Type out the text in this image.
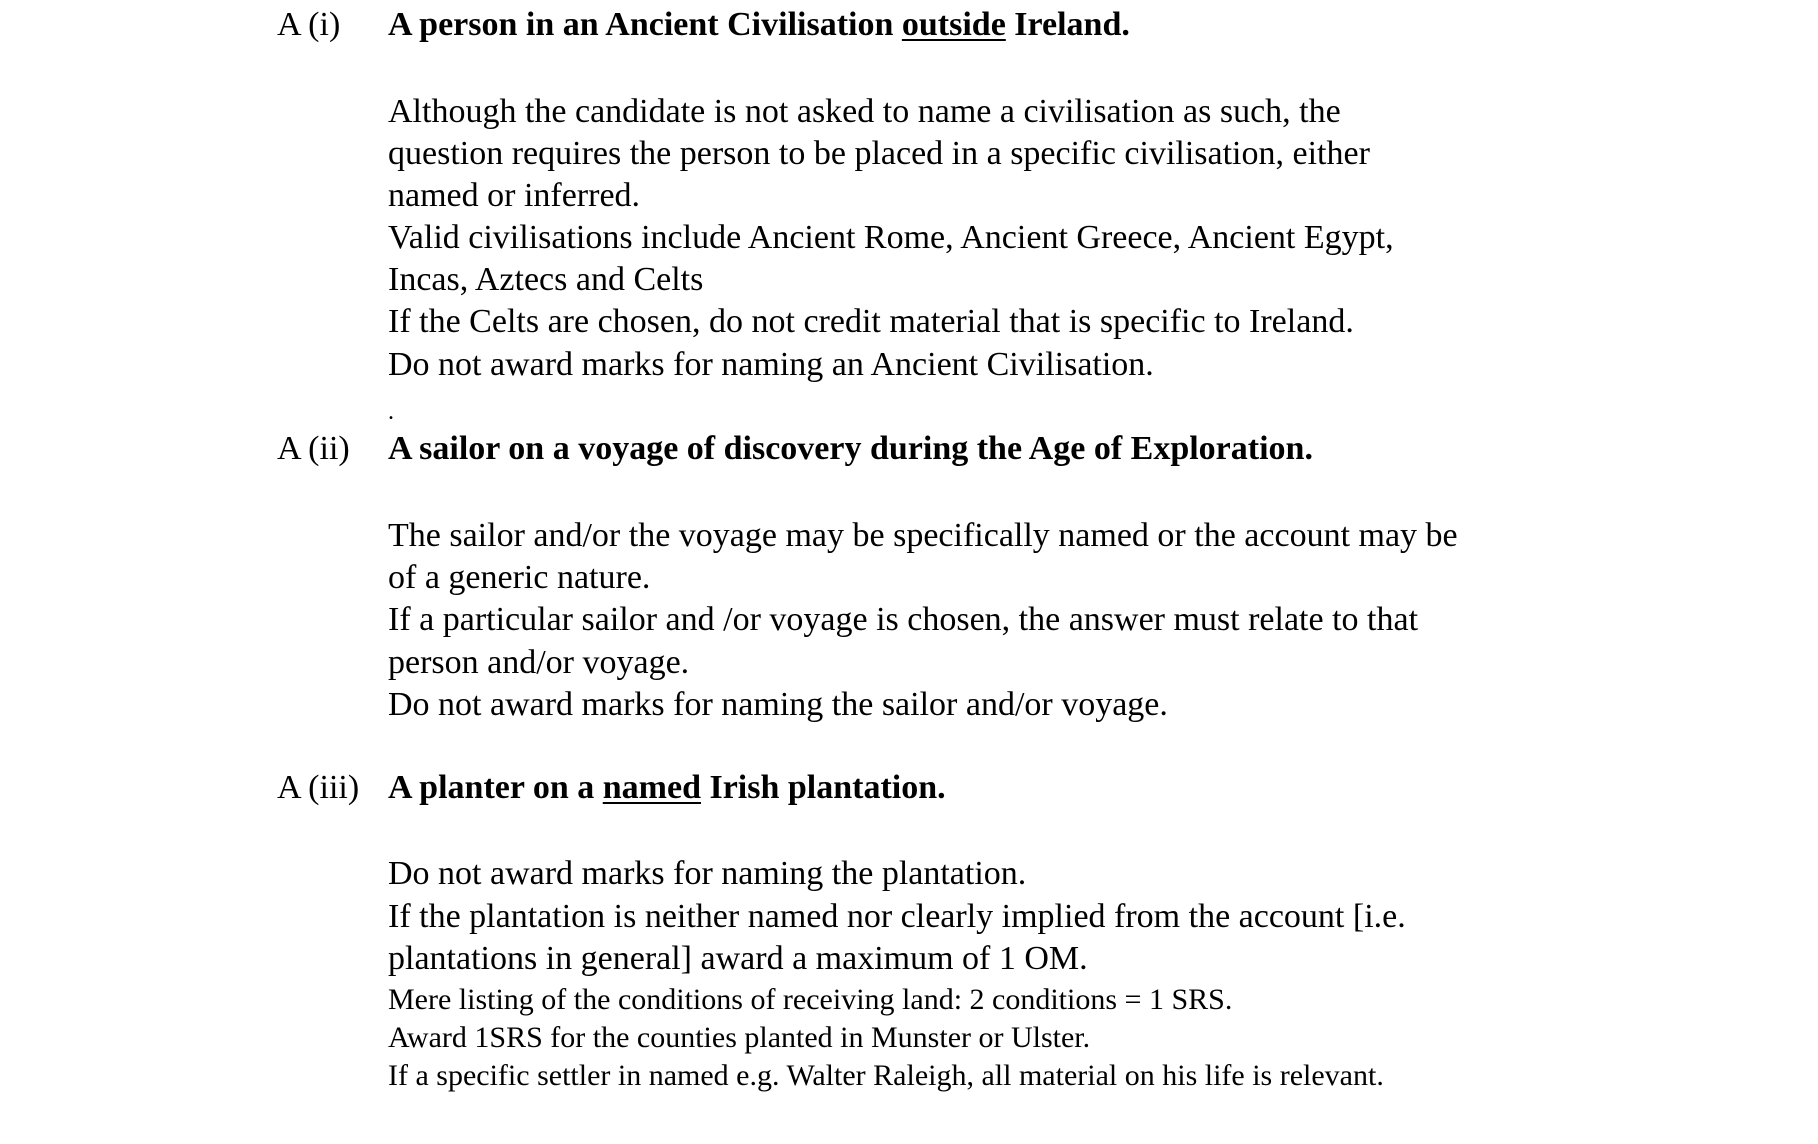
A (i) A person in an Ancient Civilisation outside Ireland.
Although the candidate is not asked to name a civilisation as such, the
question requires the person to be placed in a specific civilisation, either
named or inferred.
Valid civilisations include Ancient Rome, Ancient Greece, Ancient Egypt,
Incas, Aztecs and Celts
If the Celts are chosen, do not credit material that is specific to Ireland.
Do not award marks for naming an Ancient Civilisation.
.
A (ii) A sailor on a voyage of discovery during the Age of Exploration.
The sailor and/or the voyage may be specifically named or the account may be
of a generic nature.
If a particular sailor and /or voyage is chosen, the answer must relate to that
person and/or voyage.
Do not award marks for naming the sailor and/or voyage.
A (iii) A planter on a named Irish plantation.
Do not award marks for naming the plantation.
If the plantation is neither named nor clearly implied from the account [i.e.
plantations in general] award a maximum of 1 OM.
Mere listing of the conditions of receiving land: 2 conditions = 1 SRS.
Award 1SRS for the counties planted in Munster or Ulster.
If a specific settler in named e.g. Walter Raleigh, all material on his life is relevant.
